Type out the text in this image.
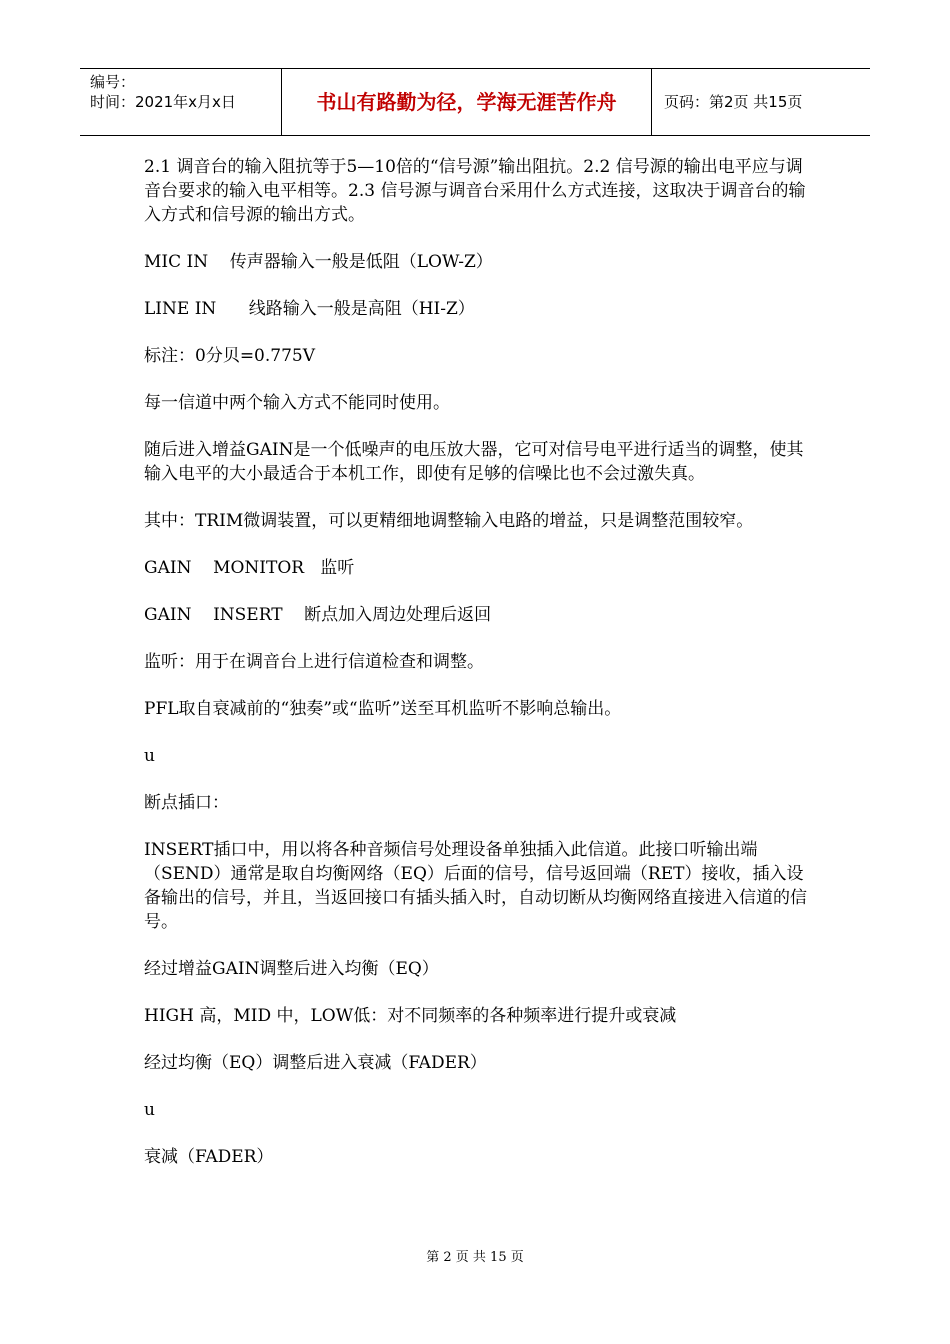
编号：
时间：2021年x月x日	书山有路勤为径，学海无涯苦作舟	页码：第2页 共15页

2.1 调音台的输入阻抗等于5—10倍的“信号源”输出阻抗。2.2 信号源的输出电平应与调音台要求的输入电平相等。2.3 信号源与调音台采用什么方式连接，这取决于调音台的输入方式和信号源的输出方式。

MIC IN    传声器输入一般是低阻（LOW-Z）

LINE IN      线路输入一般是高阻（HI-Z）

标注：0分贝=0.775V

每一信道中两个输入方式不能同时使用。

随后进入增益GAIN是一个低噪声的电压放大器，它可对信号电平进行适当的调整，使其输入电平的大小最适合于本机工作，即使有足够的信噪比也不会过激失真。

其中：TRIM微调装置，可以更精细地调整输入电路的增益，只是调整范围较窄。

GAIN    MONITOR   监听

GAIN    INSERT    断点加入周边处理后返回

监听：用于在调音台上进行信道检查和调整。

PFL取自衰减前的“独奏”或“监听”送至耳机监听不影响总输出。

u

断点插口：

INSERT插口中，用以将各种音频信号处理设备单独插入此信道。此接口听输出端（SEND）通常是取自均衡网络（EQ）后面的信号，信号返回端（RET）接收，插入设备输出的信号，并且，当返回接口有插头插入时，自动切断从均衡网络直接进入信道的信号。

经过增益GAIN调整后进入均衡（EQ）

HIGH 高，MID 中，LOW低：对不同频率的各种频率进行提升或衰减

经过均衡（EQ）调整后进入衰减（FADER）

u

衰减（FADER）

第 2 页 共 15 页
